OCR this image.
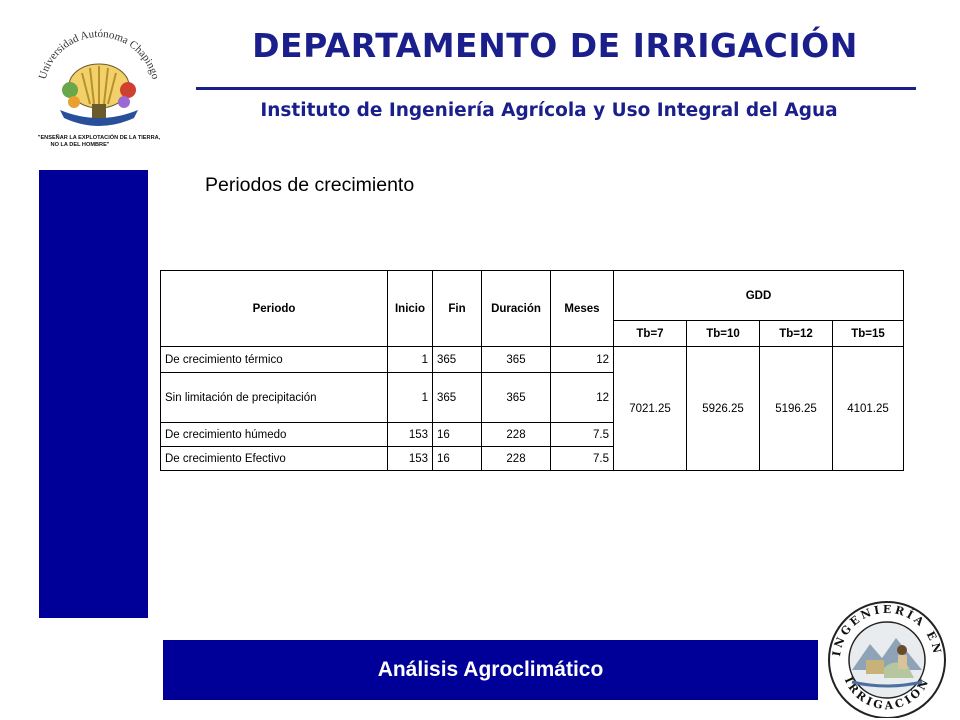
Universidad Autónoma Chapingo
"ENSEÑAR LA EXPLOTACIÓN DE LA TIERRA,
NO LA DEL HOMBRE"
DEPARTAMENTO DE IRRIGACIÓN
Instituto de Ingeniería Agrícola y Uso Integral del Agua
Periodos de crecimiento
Periodo	Inicio	Fin	Duración	Meses	GDD			
					Tb=7	Tb=10	Tb=12	Tb=15
De crecimiento térmico	1	365	365	12	7021.25	5926.25	5196.25	4101.25
Sin limitación de precipitación	1	365	365	12				
De crecimiento húmedo	153	16	228	7.5				
De crecimiento Efectivo	153	16	228	7.5				
Análisis Agroclimático
INGENIERÍA EN
IRRIGACIÓN
